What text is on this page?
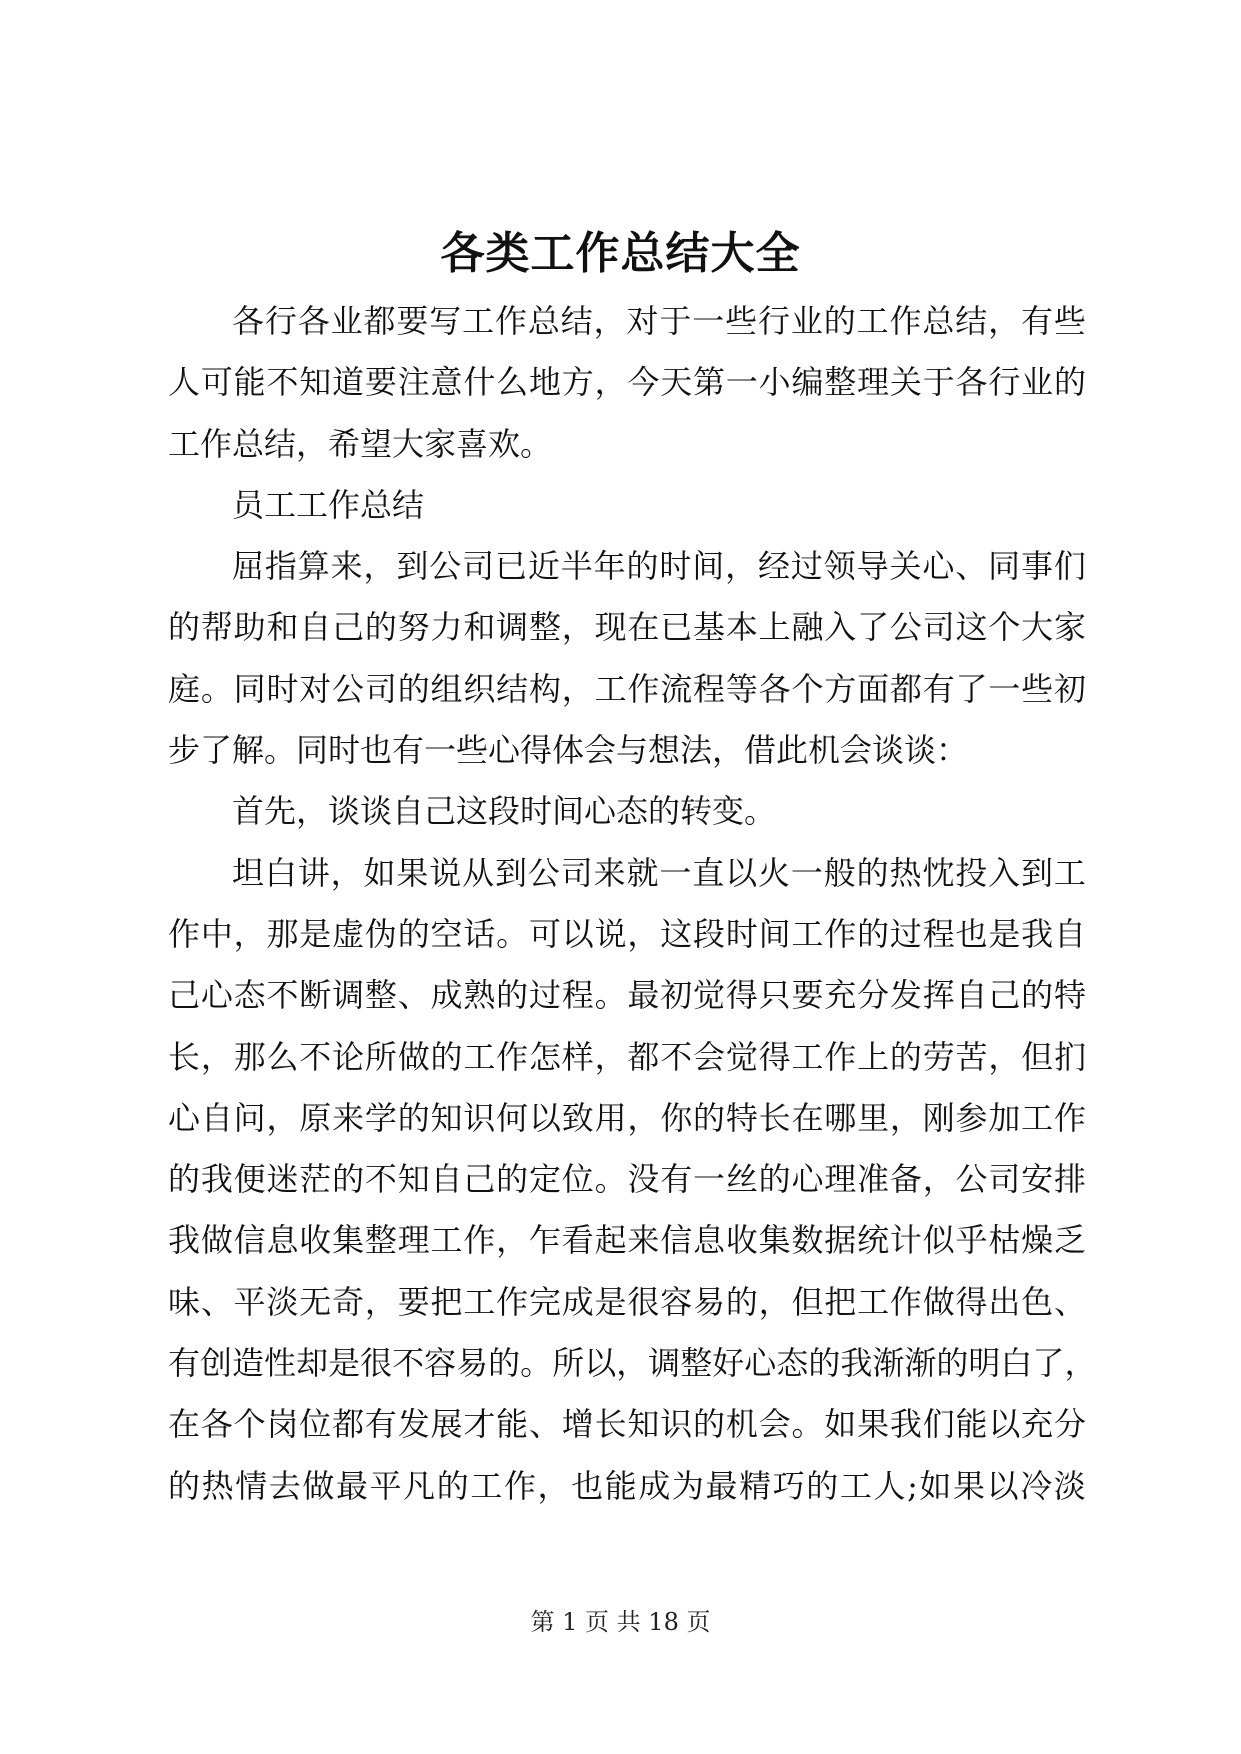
各类工作总结大全
各 行 各 业 都 要 写 工 作 总 结 ， 对 于 一 些 行 业 的 工 作 总 结 ， 有 些
人 可 能 不 知 道 要 注 意 什 么 地 方 ， 今 天 第 一 小 编 整 理 关 于 各 行 业 的
工作总结，希望大家喜欢。
员工工作总结
屈 指 算 来 ， 到 公 司 已 近 半 年 的 时 间 ， 经 过 领 导 关 心 、 同 事 们
的 帮 助 和 自 己 的 努 力 和 调 整 ， 现 在 已 基 本 上 融 入 了 公 司 这 个 大 家
庭 。 同 时 对 公 司 的 组 织 结 构 ， 工 作 流 程 等 各 个 方 面 都 有 了 一 些 初
步了解。同时也有一些心得体会与想法，借此机会谈谈：
首先，谈谈自己这段时间心态的转变。
坦 白 讲 ， 如 果 说 从 到 公 司 来 就 一 直 以 火 一 般 的 热 忱 投 入 到 工
作 中 ， 那 是 虚 伪 的 空 话 。 可 以 说 ， 这 段 时 间 工 作 的 过 程 也 是 我 自
己 心 态 不 断 调 整 、 成 熟 的 过 程 。 最 初 觉 得 只 要 充 分 发 挥 自 己 的 特
长 ， 那 么 不 论 所 做 的 工 作 怎 样 ， 都 不 会 觉 得 工 作 上 的 劳 苦 ， 但 扪
心 自 问 ， 原 来 学 的 知 识 何 以 致 用 ， 你 的 特 长 在 哪 里 ， 刚 参 加 工 作
的 我 便 迷 茫 的 不 知 自 己 的 定 位 。 没 有 一 丝 的 心 理 准 备 ， 公 司 安 排
我 做 信 息 收 集 整 理 工 作 ， 乍 看 起 来 信 息 收 集 数 据 统 计 似 乎 枯 燥 乏
味 、 平 淡 无 奇 ， 要 把 工 作 完 成 是 很 容 易 的 ， 但 把 工 作 做 得 出 色 、
有 创 造 性 却 是 很 不 容 易 的 。 所 以 ， 调 整 好 心 态 的 我 渐 渐 的 明 白 了 ，
在 各 个 岗 位 都 有 发 展 才 能 、 增 长 知 识 的 机 会 。 如 果 我 们 能 以 充 分
的 热 情 去 做 最 平 凡 的 工 作 ， 也 能 成 为 最 精 巧 的 工 人 ; 如 果 以 冷 淡
第 1 页 共 18 页
